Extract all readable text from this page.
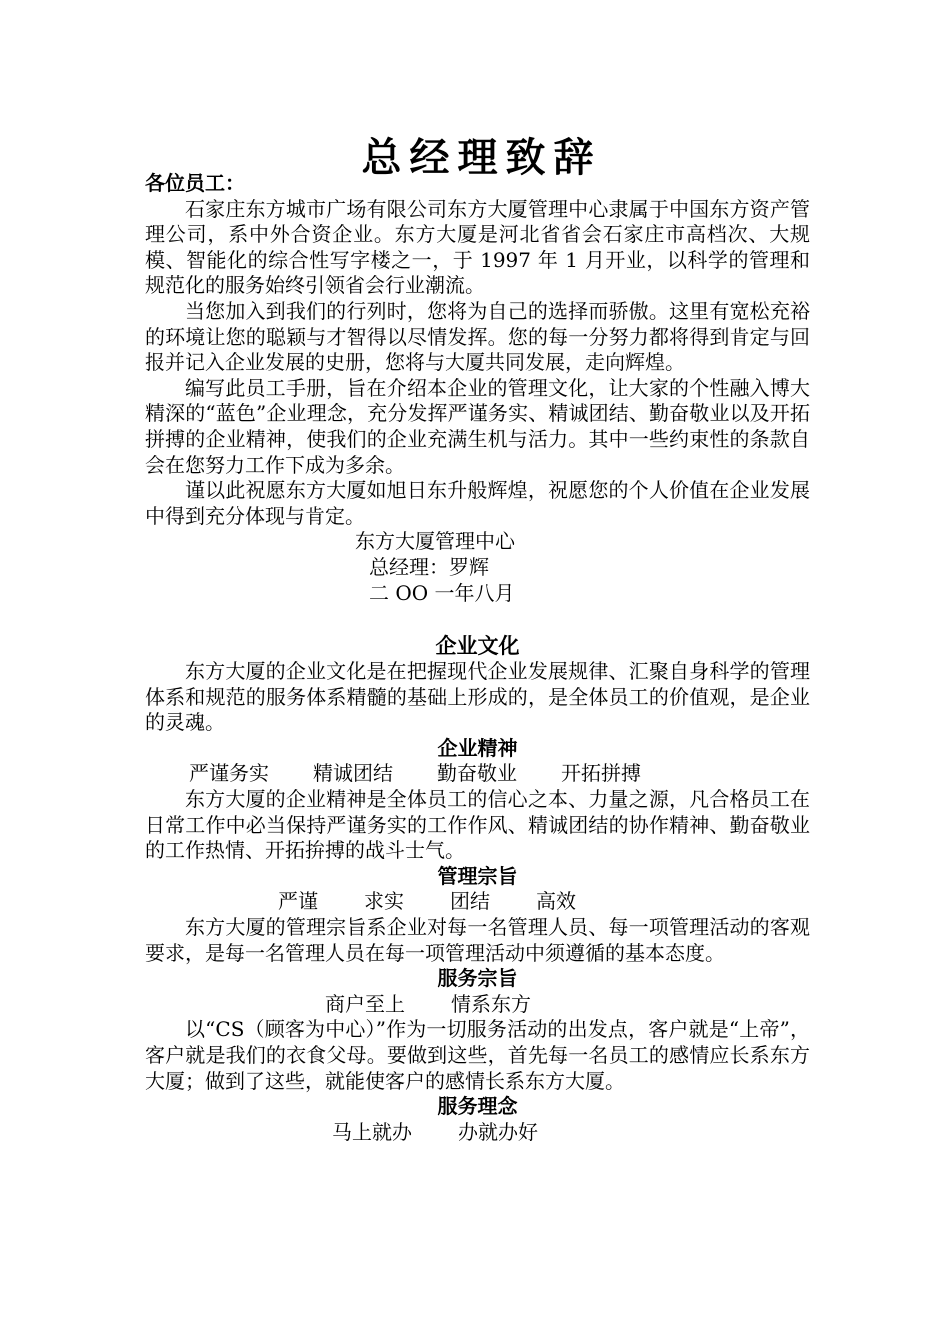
总经理致辞

各位员工：

石家庄东方城市广场有限公司东方大厦管理中心隶属于中国东方资产管理公司，系中外合资企业。东方大厦是河北省省会石家庄市高档次、大规模、智能化的综合性写字楼之一，于 1997 年 1 月开业，以科学的管理和规范化的服务始终引领省会行业潮流。

当您加入到我们的行列时，您将为自己的选择而骄傲。这里有宽松充裕的环境让您的聪颖与才智得以尽情发挥。您的每一分努力都将得到肯定与回报并记入企业发展的史册，您将与大厦共同发展，走向辉煌。

编写此员工手册，旨在介绍本企业的管理文化，让大家的个性融入博大精深的“蓝色”企业理念，充分发挥严谨务实、精诚团结、勤奋敬业以及开拓拼搏的企业精神，使我们的企业充满生机与活力。其中一些约束性的条款自会在您努力工作下成为多余。

谨以此祝愿东方大厦如旭日东升般辉煌，祝愿您的个人价值在企业发展中得到充分体现与肯定。

东方大厦管理中心

总经理：罗辉

二 OO 一年八月

企业文化

东方大厦的企业文化是在把握现代企业发展规律、汇聚自身科学的管理体系和规范的服务体系精髓的基础上形成的，是全体员工的价值观，是企业的灵魂。

企业精神

严谨务实 精诚团结 勤奋敬业 开拓拼搏

东方大厦的企业精神是全体员工的信心之本、力量之源，凡合格员工在日常工作中必当保持严谨务实的工作作风、精诚团结的协作精神、勤奋敬业的工作热情、开拓拚搏的战斗士气。

管理宗旨

严谨 求实 团结 高效

东方大厦的管理宗旨系企业对每一名管理人员、每一项管理活动的客观要求，是每一名管理人员在每一项管理活动中须遵循的基本态度。

服务宗旨

商户至上 情系东方

以“CS（顾客为中心）”作为一切服务活动的出发点，客户就是“上帝”，客户就是我们的衣食父母。要做到这些，首先每一名员工的感情应长系东方大厦；做到了这些，就能使客户的感情长系东方大厦。

服务理念

马上就办 办就办好
